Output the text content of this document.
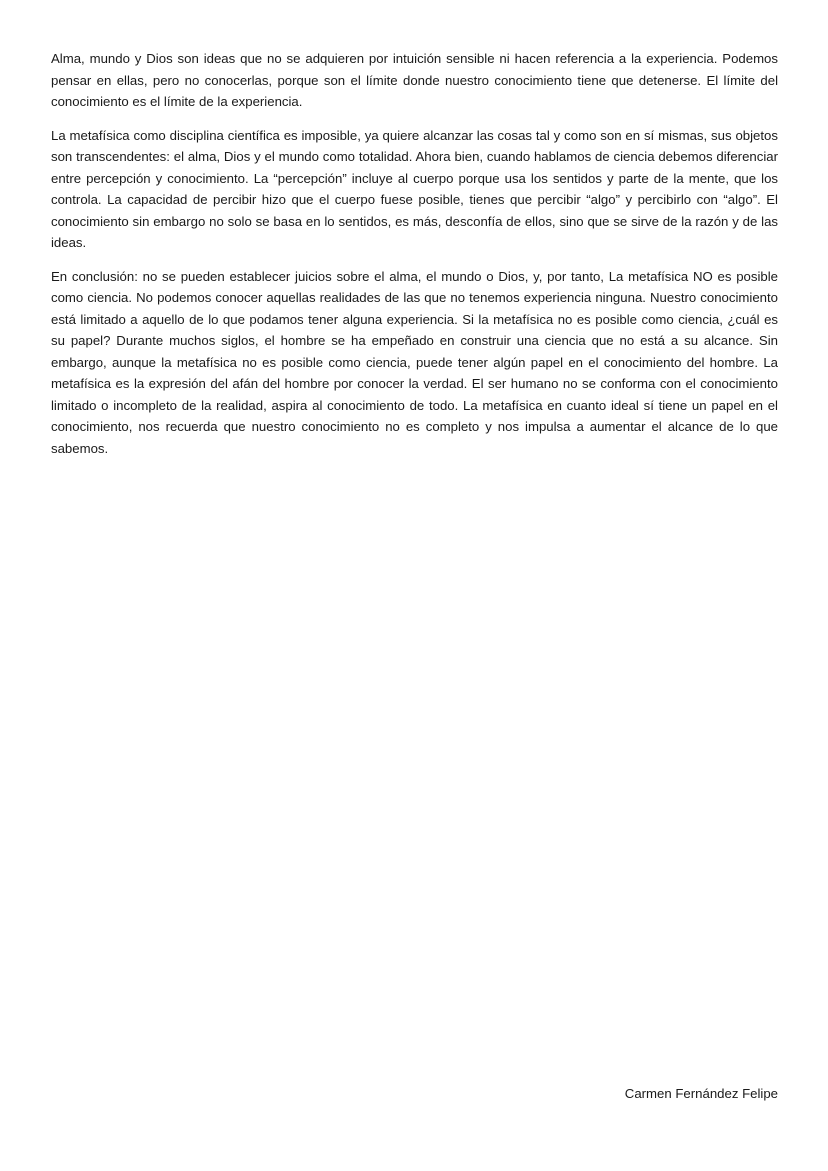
Alma, mundo y Dios son ideas que no se adquieren por intuición sensible ni hacen referencia a la experiencia. Podemos pensar en ellas, pero no conocerlas, porque son el límite donde nuestro conocimiento tiene que detenerse. El límite del conocimiento es el límite de la experiencia.

La metafísica como disciplina científica es imposible, ya quiere alcanzar las cosas tal y como son en sí mismas, sus objetos son transcendentes: el alma, Dios y el mundo como totalidad. Ahora bien, cuando hablamos de ciencia debemos diferenciar entre percepción y conocimiento. La “percepción” incluye al cuerpo porque usa los sentidos y parte de la mente, que los controla. La capacidad de percibir hizo que el cuerpo fuese posible, tienes que percibir “algo” y percibirlo con “algo”. El conocimiento sin embargo no solo se basa en lo sentidos, es más, desconfía de ellos, sino que se sirve de la razón y de las ideas.

En conclusión: no se pueden establecer juicios sobre el alma, el mundo o Dios, y, por tanto, La metafísica NO es posible como ciencia. No podemos conocer aquellas realidades de las que no tenemos experiencia ninguna. Nuestro conocimiento está limitado a aquello de lo que podamos tener alguna experiencia. Si la metafísica no es posible como ciencia, ¿cuál es su papel? Durante muchos siglos, el hombre se ha empeñado en construir una ciencia que no está a su alcance. Sin embargo, aunque la metafísica no es posible como ciencia, puede tener algún papel en el conocimiento del hombre. La metafísica es la expresión del afán del hombre por conocer la verdad. El ser humano no se conforma con el conocimiento limitado o incompleto de la realidad, aspira al conocimiento de todo. La metafísica en cuanto ideal sí tiene un papel en el conocimiento, nos recuerda que nuestro conocimiento no es completo y nos impulsa a aumentar el alcance de lo que sabemos.

Carmen Fernández Felipe
